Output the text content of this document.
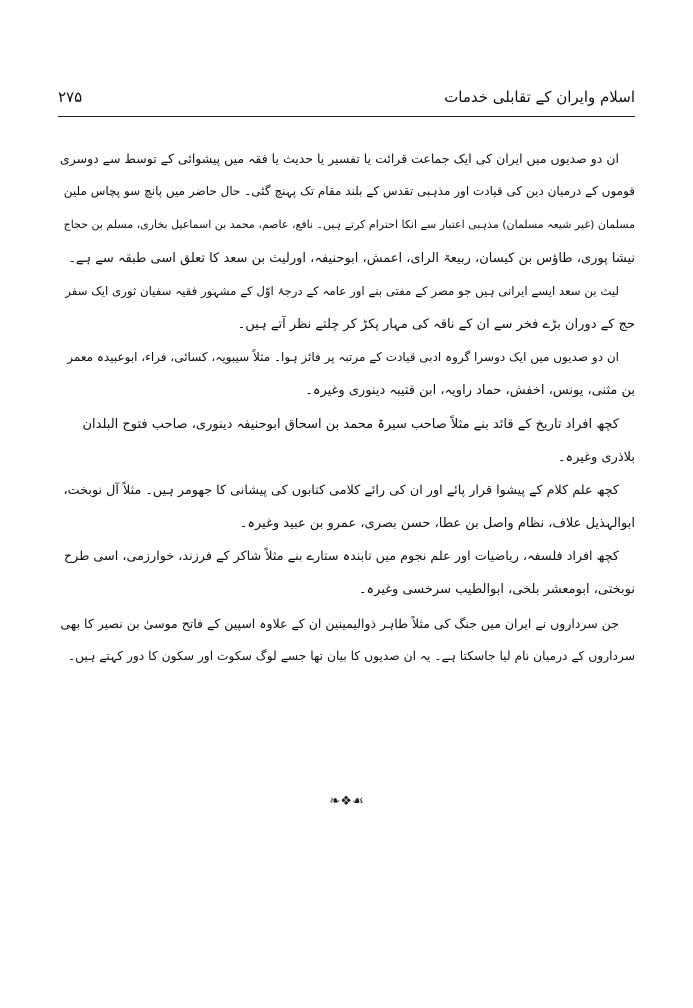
اسلام وایران کے تقابلی خدمات
۲۷۵
ان دو صدیوں میں ایران کی ایک جماعت قرائت یا تفسیر یا حدیث یا فقہ میں پیشوائی کے توسط سے دوسری
قوموں کے درمیان دین کی قیادت اور مذہبی تقدس کے بلند مقام تک پہنچ گئی۔ حال حاضر میں پانچ سو پچاس ملین
مسلمان (غیر شیعہ مسلمان) مذہبی اعتبار سے انکا احترام کرتے ہیں۔ نافع، عاصم، محمد بن اسماعیل بخاری، مسلم بن حجاج
نیشا پوری، طاؤس بن کیسان، ربیعۃ الرای، اعمش، ابوحنیفہ، اورلیث بن سعد کا تعلق اسی طبقہ سے ہے۔
لیث بن سعد ایسے ایرانی ہیں جو مصر کے مفتی بنے اور عامہ کے درجۂ اوّل کے مشہور فقیہ سفیان ثوری ایک سفر
حج کے دوران بڑے فخر سے ان کے ناقہ کی مہار پکڑ کر چلتے نظر آتے ہیں۔
ان دو صدیوں میں ایک دوسرا گروہ ادبی قیادت کے مرتبہ پر فائز ہوا۔ مثلاً سیبویہ، کسائی، فراء، ابوعبیدہ معمر
بن مثنی، یونس، اخفش، حماد راویہ، ابن قتیبہ دینوری وغیرہ۔
کچھ افراد تاریخ کے قائد بنے مثلاً صاحب سیرۃ محمد بن اسحاق ابوحنیفہ دینوری، صاحب فتوح البلدان
بلاذری وغیرہ۔
کچھ علم کلام کے پیشوا قرار پائے اور ان کی رائے کلامی کتابوں کی پیشانی کا جھومر ہیں۔ مثلاً آل نوبخت،
ابوالہذیل علاف، نظام واصل بن عطا، حسن بصری، عمرو بن عبید وغیرہ۔
کچھ افراد فلسفہ، ریاضیات اور علم نجوم میں تابندہ ستارے بنے مثلاً شاکر کے فرزند، خوارزمی، اسی طرح
نوبختی، ابومعشر بلخی، ابوالطیب سرخسی وغیرہ۔
جن سرداروں نے ایران میں جنگ کی مثلاً طاہر ذوالیمینین ان کے علاوہ اسپین کے فاتح موسیٰ بن نصیر کا بھی
سرداروں کے درمیان نام لیا جاسکتا ہے۔ یہ ان صدیوں کا بیان تھا جسے لوگ سکوت اور سکون کا دور کہتے ہیں۔
❧❖☙
